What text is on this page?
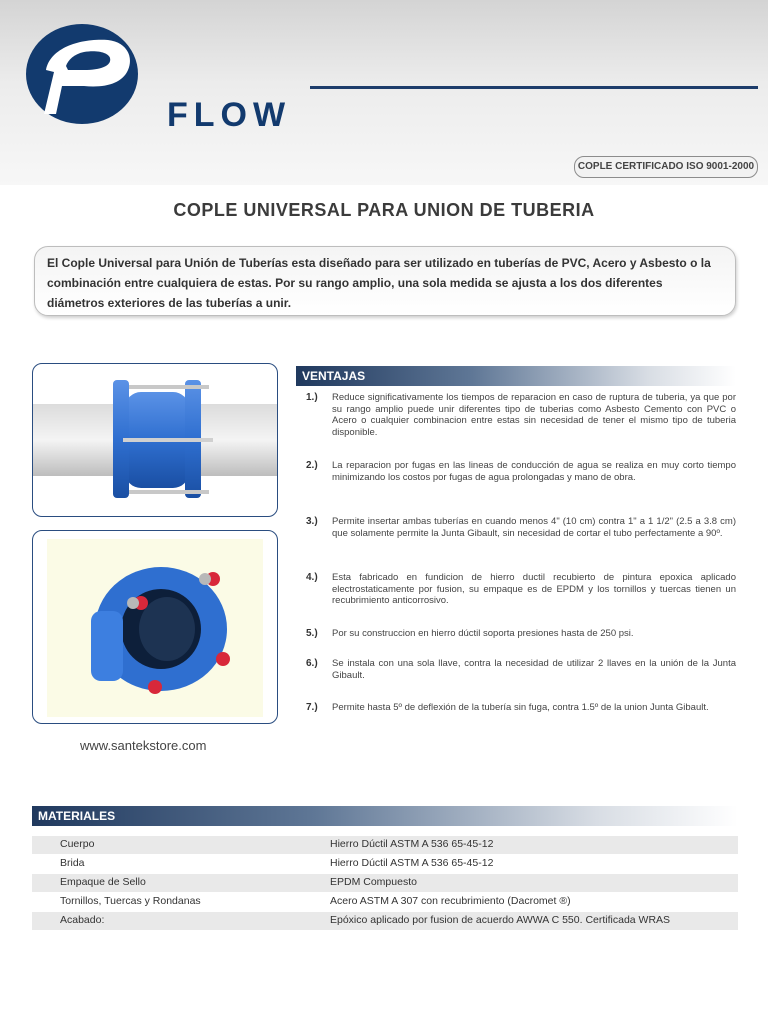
FLOW
COPLE CERTIFICADO ISO 9001-2000
COPLE UNIVERSAL PARA UNION DE TUBERIA
El Cople Universal para Unión de Tuberías esta diseñado para ser utilizado en tuberías de PVC, Acero y Asbesto o la combinación entre cualquiera de estas. Por su rango amplio, una sola medida se ajusta a los dos diferentes diámetros exteriores de las tuberías a unir.
www.santekstore.com
VENTAJAS
1.) Reduce significativamente los tiempos de reparacion en caso de ruptura de tuberia, ya que por su rango amplio puede unir diferentes tipo de tuberias como Asbesto Cemento con PVC o Acero o cualquier combinacion entre estas sin necesidad de tener el mismo tipo de tuberia disponible.
2.) La reparacion por fugas en las lineas de conducción de agua se realiza en muy corto tiempo minimizando los costos por fugas de agua prolongadas y mano de obra.
3.) Permite insertar ambas tuberías en cuando menos 4" (10 cm) contra 1" a 1 1/2" (2.5 a 3.8 cm) que solamente permite la Junta Gibault, sin necesidad de cortar el tubo perfectamente a 90º.
4.) Esta fabricado en fundicion de hierro ductil recubierto de pintura epoxica aplicado electrostaticamente por fusion, su empaque es de EPDM y los tornillos y tuercas tienen un recubrimiento anticorrosivo.
5.) Por su construccion en hierro dúctil soporta presiones hasta de 250 psi.
6.) Se instala con una sola llave, contra la necesidad de utilizar 2 llaves en la unión de la Junta Gibault.
7.) Permite hasta 5º de deflexión de la tubería sin fuga, contra 1.5º de la union Junta Gibault.
MATERIALES
Cuerpo	Hierro Dúctil ASTM A 536 65-45-12
Brida	Hierro Dúctil ASTM A 536 65-45-12
Empaque de Sello	EPDM Compuesto
Tornillos, Tuercas y Rondanas	Acero ASTM A 307 con recubrimiento (Dacromet ®)
Acabado:	Epóxico aplicado por fusion de acuerdo AWWA C 550. Certificada WRAS
